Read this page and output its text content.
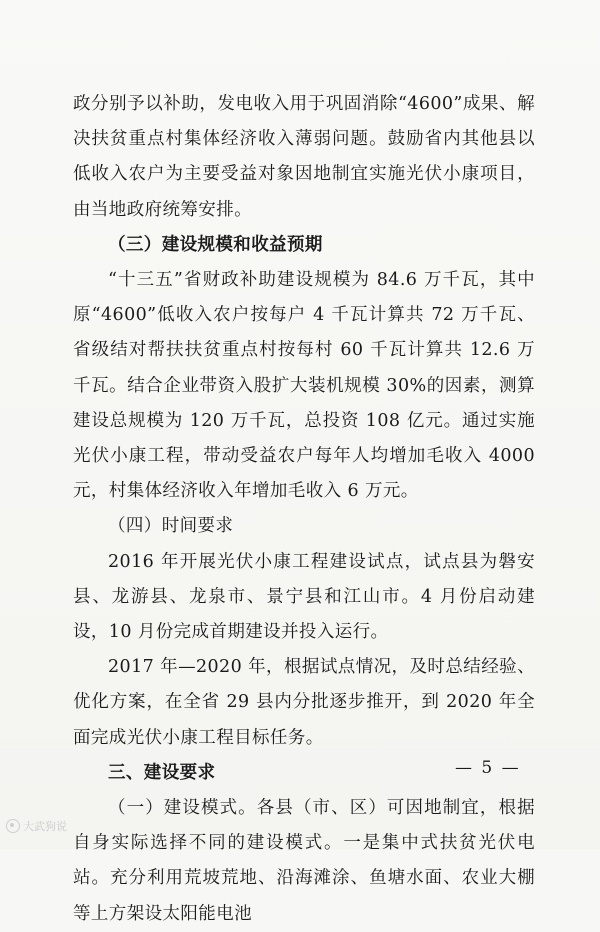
政分别予以补助，发电收入用于巩固消除“4600”成果、解决扶贫重点村集体经济收入薄弱问题。鼓励省内其他县以低收入农户为主要受益对象因地制宜实施光伏小康项目，由当地政府统筹安排。

（三）建设规模和收益预期

“十三五”省财政补助建设规模为 84.6 万千瓦，其中原“4600”低收入农户按每户 4 千瓦计算共 72 万千瓦、省级结对帮扶扶贫重点村按每村 60 千瓦计算共 12.6 万千瓦。结合企业带资入股扩大装机规模 30%的因素，测算建设总规模为 120 万千瓦，总投资 108 亿元。通过实施光伏小康工程，带动受益农户每年人均增加毛收入 4000 元，村集体经济收入年增加毛收入 6 万元。

（四）时间要求

2016 年开展光伏小康工程建设试点，试点县为磐安县、龙游县、龙泉市、景宁县和江山市。4 月份启动建设，10 月份完成首期建设并投入运行。

2017 年—2020 年，根据试点情况，及时总结经验、优化方案，在全省 29 县内分批逐步推开，到 2020 年全面完成光伏小康工程目标任务。

三、建设要求

（一）建设模式。各县（市、区）可因地制宜，根据自身实际选择不同的建设模式。一是集中式扶贫光伏电站。充分利用荒坡荒地、沿海滩涂、鱼塘水面、农业大棚等上方架设太阳能电池

— 5 —
大武狗说
